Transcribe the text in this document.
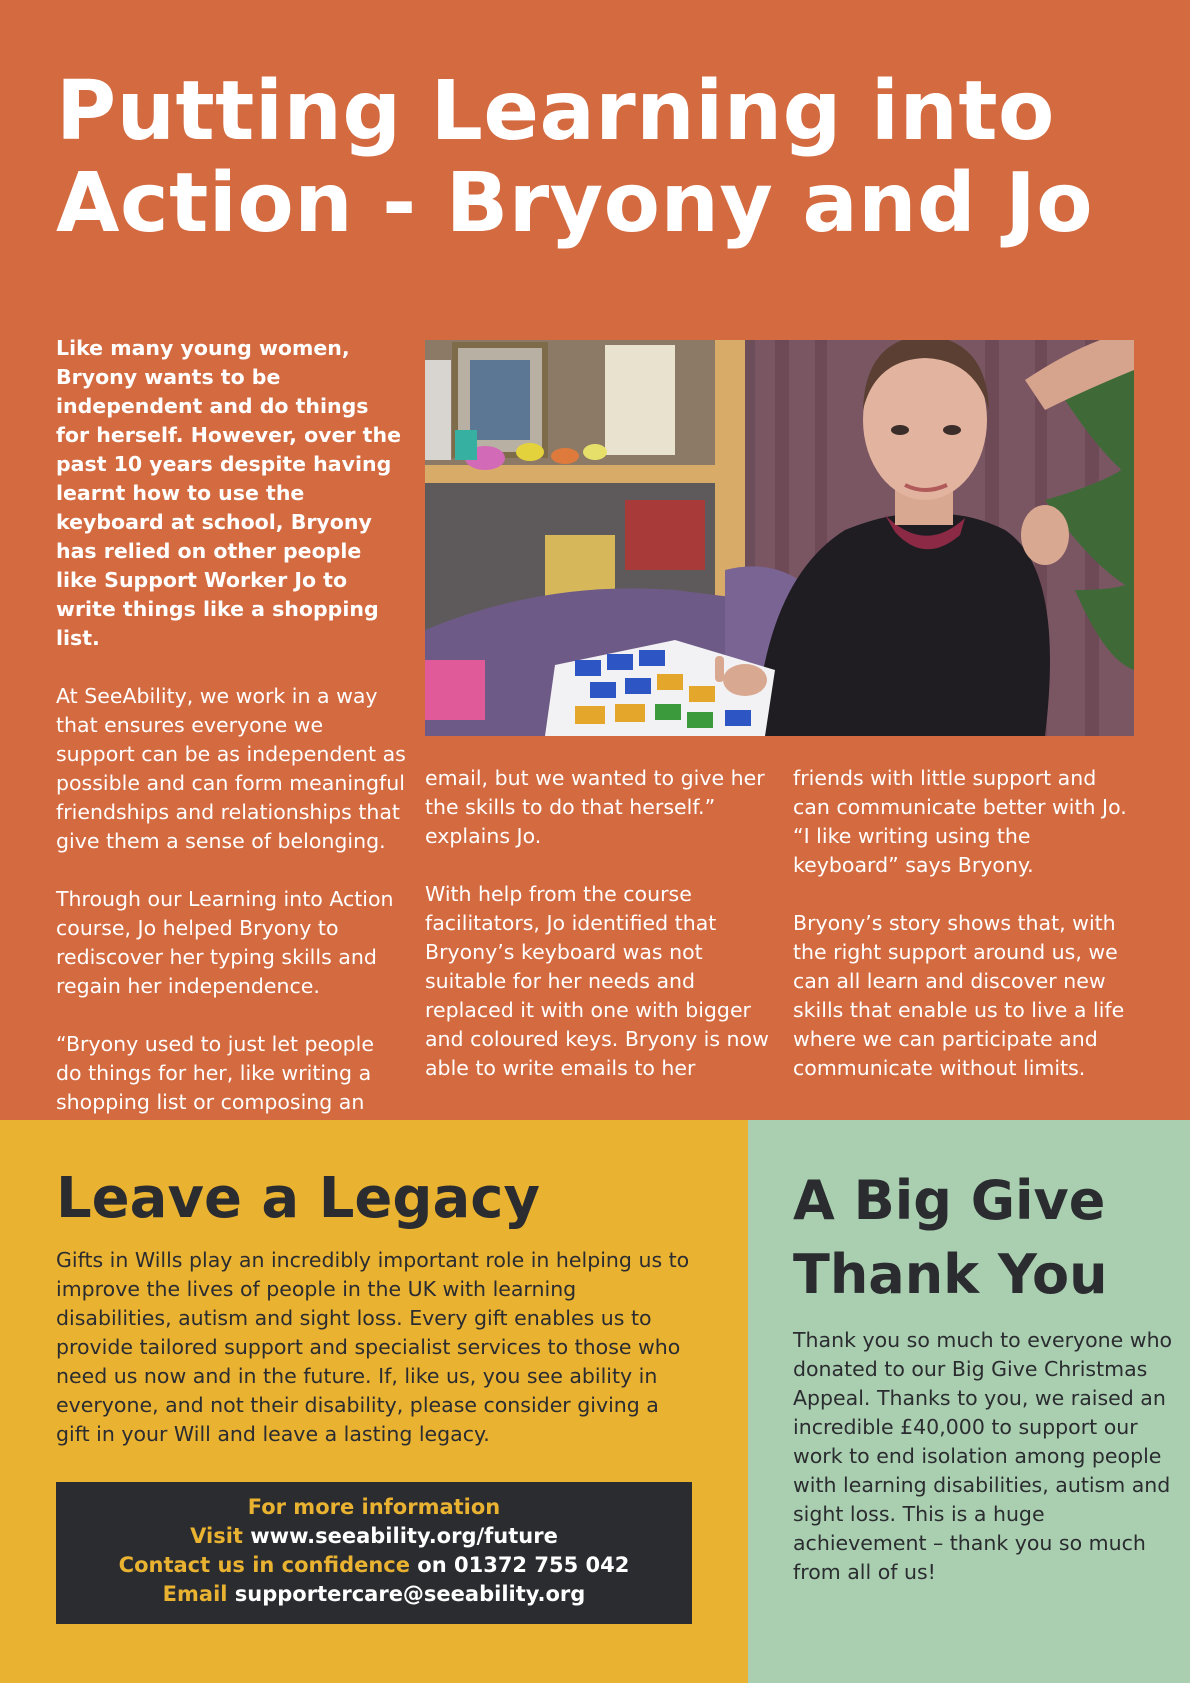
Putting Learning into Action - Bryony and Jo

Like many young women, Bryony wants to be independent and do things for herself. However, over the past 10 years despite having learnt how to use the keyboard at school, Bryony has relied on other people like Support Worker Jo to write things like a shopping list.

At SeeAbility, we work in a way that ensures everyone we support can be as independent as possible and can form meaningful friendships and relationships that give them a sense of belonging.

Through our Learning into Action course, Jo helped Bryony to rediscover her typing skills and regain her independence.

“Bryony used to just let people do things for her, like writing a shopping list or composing an

email, but we wanted to give her the skills to do that herself.” explains Jo.

With help from the course facilitators, Jo identified that Bryony’s keyboard was not suitable for her needs and replaced it with one with bigger and coloured keys. Bryony is now able to write emails to her

friends with little support and can communicate better with Jo. “I like writing using the keyboard” says Bryony.

Bryony’s story shows that, with the right support around us, we can all learn and discover new skills that enable us to live a life where we can participate and communicate without limits.

Leave a Legacy

Gifts in Wills play an incredibly important role in helping us to improve the lives of people in the UK with learning disabilities, autism and sight loss. Every gift enables us to provide tailored support and specialist services to those who need us now and in the future. If, like us, you see ability in everyone, and not their disability, please consider giving a gift in your Will and leave a lasting legacy.

For more information
Visit www.seeability.org/future
Contact us in confidence on 01372 755 042
Email supportercare@seeability.org
A Big Give Thank You

Thank you so much to everyone who donated to our Big Give Christmas Appeal. Thanks to you, we raised an incredible £40,000 to support our work to end isolation among people with learning disabilities, autism and sight loss. This is a huge achievement – thank you so much from all of us!
